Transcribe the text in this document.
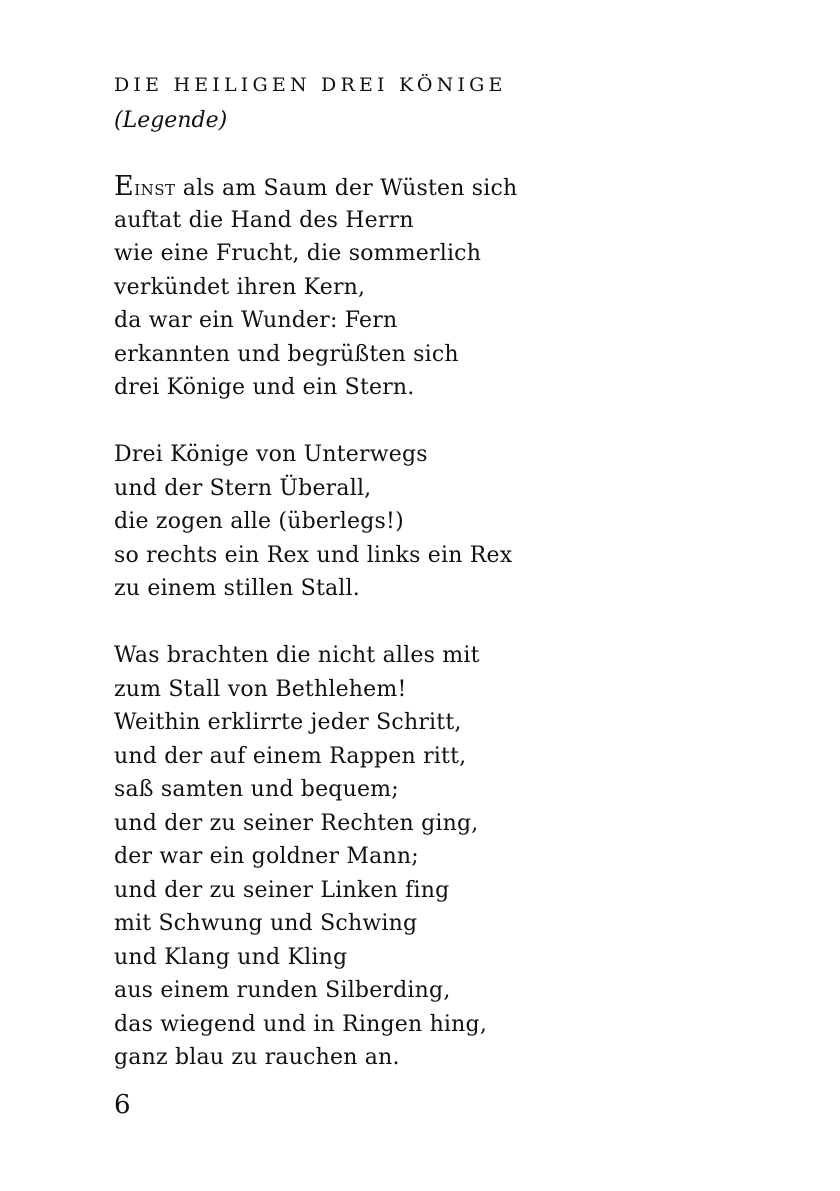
DIE HEILIGEN DREI KÖNIGE
(Legende)
Einst als am Saum der Wüsten sich
auftat die Hand des Herrn
wie eine Frucht, die sommerlich
verkündet ihren Kern,
da war ein Wunder: Fern
erkannten und begrüßten sich
drei Könige und ein Stern.
Drei Könige von Unterwegs
und der Stern Überall,
die zogen alle (überlegs!)
so rechts ein Rex und links ein Rex
zu einem stillen Stall.
Was brachten die nicht alles mit
zum Stall von Bethlehem!
Weithin erklirrte jeder Schritt,
und der auf einem Rappen ritt,
saß samten und bequem;
und der zu seiner Rechten ging,
der war ein goldner Mann;
und der zu seiner Linken fing
mit Schwung und Schwing
und Klang und Kling
aus einem runden Silberding,
das wiegend und in Ringen hing,
ganz blau zu rauchen an.
6
